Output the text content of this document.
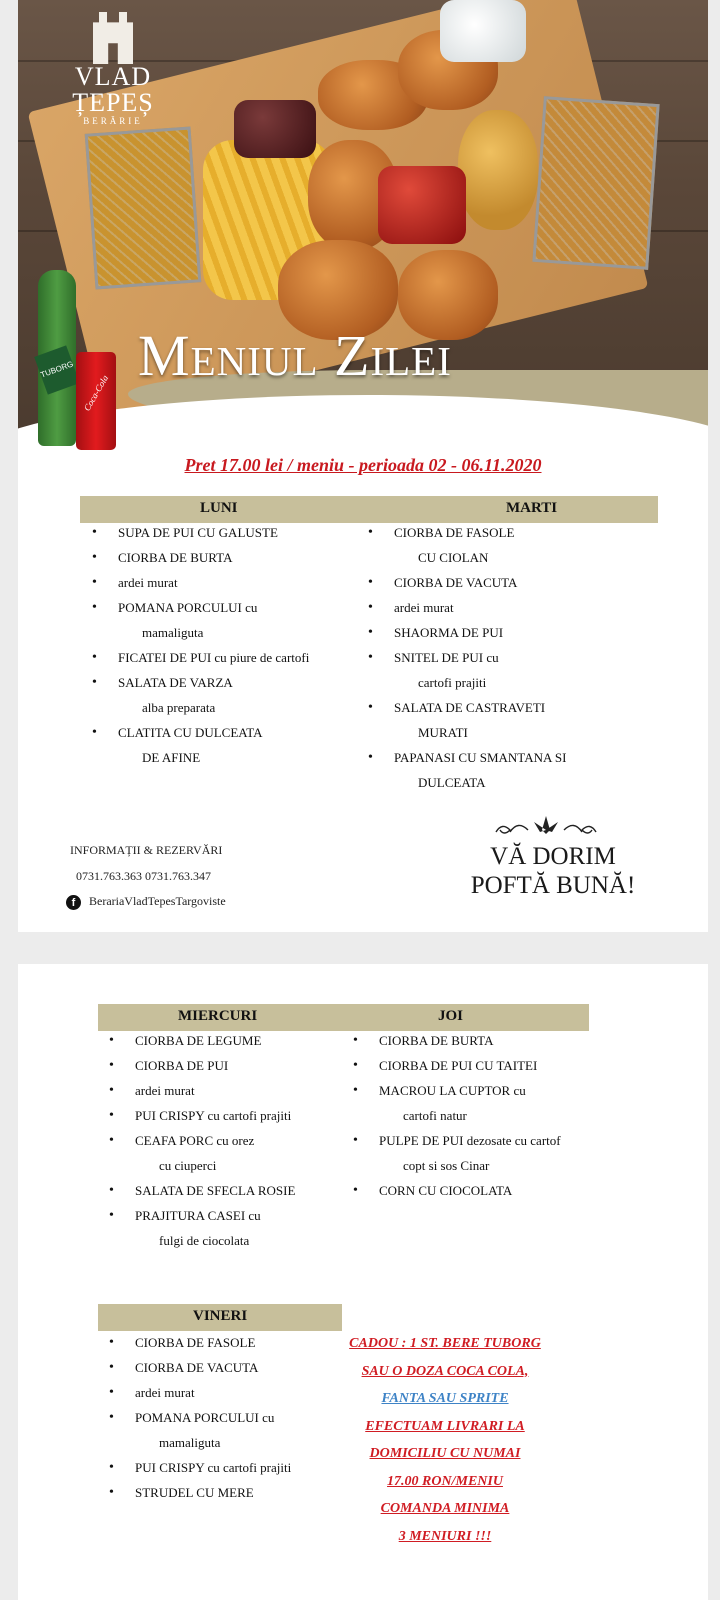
VLAD
ȚEPEȘ
BERĂRIE
Meniul Zilei
TUBORG
Coca-Cola
Pret 17.00 lei / meniu - perioada 02 - 06.11.2020
LUNI	MARTI
• SUPA DE PUI CU GALUSTE
• CIORBA DE BURTA
• ardei murat
• POMANA PORCULUI cu
mamaliguta
• FICATEI DE PUI cu piure de cartofi
• SALATA DE VARZA
alba preparata
• CLATITA CU DULCEATA
DE AFINE
• CIORBA DE FASOLE
CU CIOLAN
• CIORBA DE VACUTA
• ardei murat
• SHAORMA DE PUI
• SNITEL DE PUI cu
cartofi prajiti
• SALATA DE CASTRAVETI
MURATI
• PAPANASI CU SMANTANA SI
DULCEATA
INFORMAȚII & REZERVĂRI
0731.763.363 0731.763.347
f BerariaVladTepesTargoviste
VĂ DORIM
POFTĂ BUNĂ!
MIERCURI	JOI
• CIORBA DE LEGUME
• CIORBA DE PUI
• ardei murat
• PUI CRISPY cu cartofi prajiti
• CEAFA PORC cu orez
cu ciuperci
• SALATA DE SFECLA ROSIE
• PRAJITURA CASEI cu
fulgi de ciocolata
• CIORBA DE BURTA
• CIORBA DE PUI CU TAITEI
• MACROU LA CUPTOR cu
cartofi natur
• PULPE DE PUI dezosate cu cartof
copt si sos Cinar
• CORN CU CIOCOLATA
VINERI
• CIORBA DE FASOLE
• CIORBA DE VACUTA
• ardei murat
• POMANA PORCULUI cu
mamaliguta
• PUI CRISPY cu cartofi prajiti
• STRUDEL CU MERE
CADOU : 1 ST. BERE TUBORG
SAU O DOZA COCA COLA,
FANTA SAU SPRITE
EFECTUAM LIVRARI LA
DOMICILIU CU NUMAI
17.00 RON/MENIU
COMANDA MINIMA
3 MENIURI !!!
